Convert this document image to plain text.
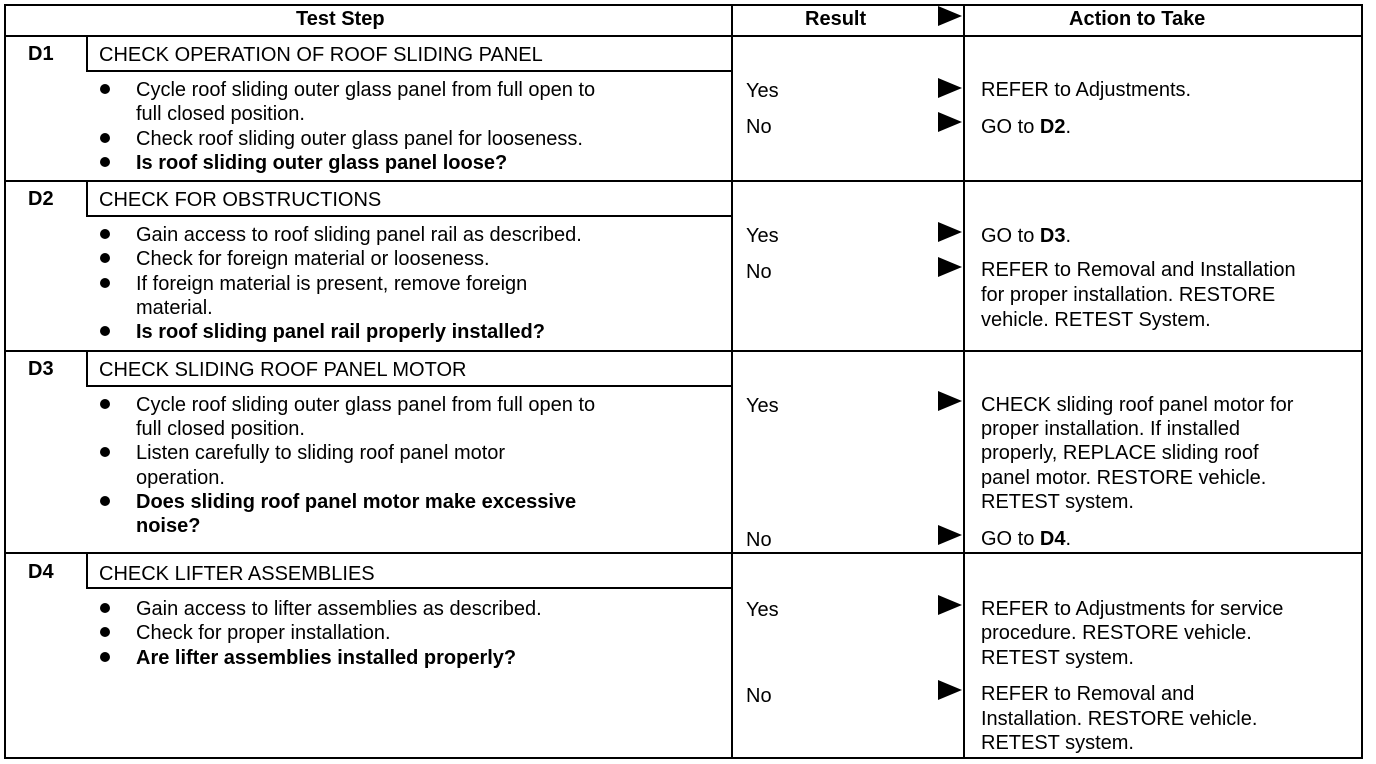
Test Step	Result	Action to Take
D1 CHECK OPERATION OF ROOF SLIDING PANEL
Cycle roof sliding outer glass panel from full open to
full closed position.
Check roof sliding outer glass panel for looseness.
Is roof sliding outer glass panel loose?
Yes	REFER to Adjustments.
No	GO to D2.
D2 CHECK FOR OBSTRUCTIONS
Gain access to roof sliding panel rail as described.
Check for foreign material or looseness.
If foreign material is present, remove foreign
material.
Is roof sliding panel rail properly installed?
Yes	GO to D3.
No	REFER to Removal and Installation
for proper installation. RESTORE
vehicle. RETEST System.
D3 CHECK SLIDING ROOF PANEL MOTOR
Cycle roof sliding outer glass panel from full open to
full closed position.
Listen carefully to sliding roof panel motor
operation.
Does sliding roof panel motor make excessive
noise?
Yes	CHECK sliding roof panel motor for
proper installation. If installed
properly, REPLACE sliding roof
panel motor. RESTORE vehicle.
RETEST system.
No	GO to D4.
D4 CHECK LIFTER ASSEMBLIES
Gain access to lifter assemblies as described.
Check for proper installation.
Are lifter assemblies installed properly?
Yes	REFER to Adjustments for service
procedure. RESTORE vehicle.
RETEST system.
No	REFER to Removal and
Installation. RESTORE vehicle.
RETEST system.
